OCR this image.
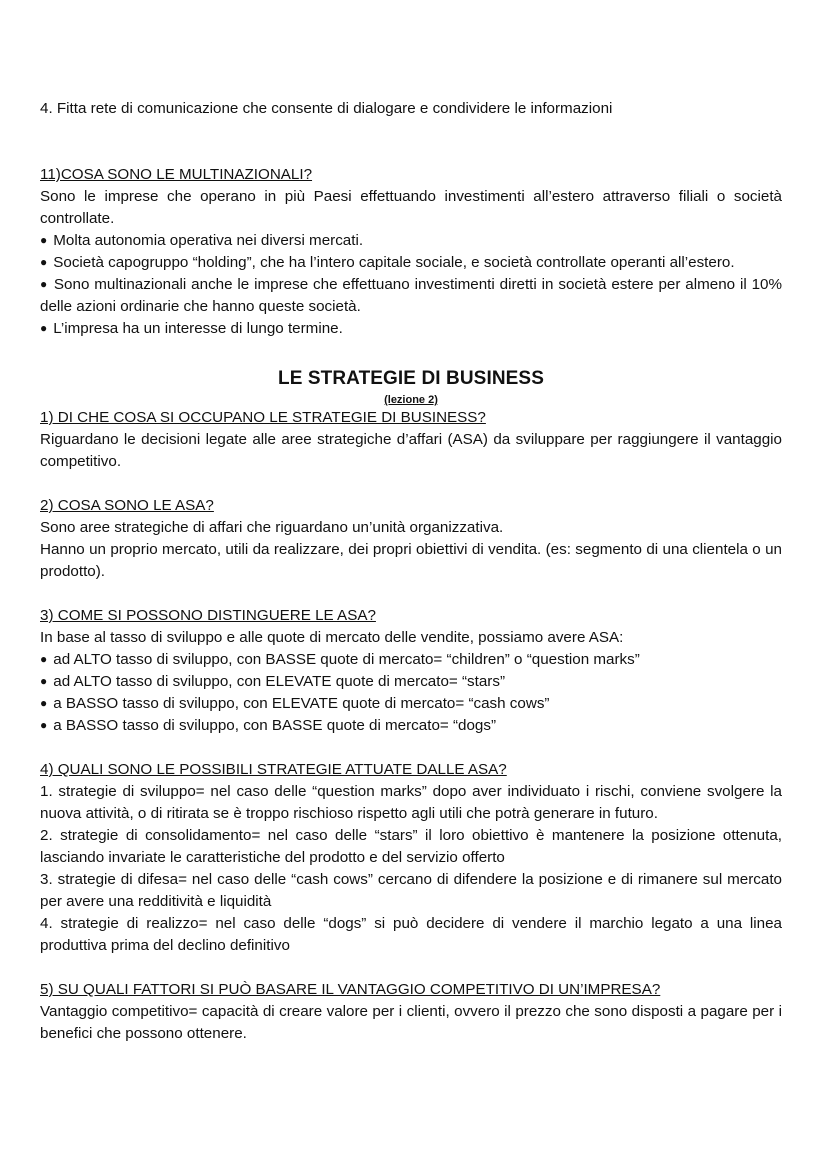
4. Fitta rete di comunicazione che consente di dialogare e condividere le informazioni

11)COSA SONO LE MULTINAZIONALI?

Sono le imprese che operano in più Paesi effettuando investimenti all’estero attraverso filiali o società controllate.

● Molta autonomia operativa nei diversi mercati.

● Società capogruppo “holding”, che ha l’intero capitale sociale, e società controllate operanti all’estero.

● Sono multinazionali anche le imprese che effettuano investimenti diretti in società estere per almeno il 10% delle azioni ordinarie che hanno queste società.

● L’impresa ha un interesse di lungo termine.

LE STRATEGIE DI BUSINESS

(lezione 2)

1) DI CHE COSA SI OCCUPANO LE STRATEGIE DI BUSINESS?

Riguardano le decisioni legate alle aree strategiche d’affari (ASA) da sviluppare per raggiungere il vantaggio competitivo.

2) COSA SONO LE ASA?

Sono aree strategiche di affari che riguardano un’unità organizzativa.

Hanno un proprio mercato, utili da realizzare, dei propri obiettivi di vendita. (es: segmento di una clientela o un prodotto).

3) COME SI POSSONO DISTINGUERE LE ASA?

In base al tasso di sviluppo e alle quote di mercato delle vendite, possiamo avere ASA:

● ad ALTO tasso di sviluppo, con BASSE quote di mercato= “children” o “question marks”

● ad ALTO tasso di sviluppo, con ELEVATE quote di mercato= “stars”

● a BASSO tasso di sviluppo, con ELEVATE quote di mercato= “cash cows”

● a BASSO tasso di sviluppo, con BASSE quote di mercato= “dogs”

4) QUALI SONO LE POSSIBILI STRATEGIE ATTUATE DALLE ASA?

1. strategie di sviluppo= nel caso delle “question marks” dopo aver individuato i rischi, conviene svolgere la nuova attività, o di ritirata se è troppo rischioso rispetto agli utili che potrà generare in futuro.

2. strategie di consolidamento= nel caso delle “stars” il loro obiettivo è mantenere la posizione ottenuta, lasciando invariate le caratteristiche del prodotto e del servizio offerto

3. strategie di difesa= nel caso delle “cash cows” cercano di difendere la posizione e di rimanere sul mercato per avere una redditività e liquidità

4. strategie di realizzo= nel caso delle “dogs” si può decidere di vendere il marchio legato a una linea produttiva prima del declino definitivo

5) SU QUALI FATTORI SI PUÒ BASARE IL VANTAGGIO COMPETITIVO DI UN’IMPRESA?

Vantaggio competitivo= capacità di creare valore per i clienti, ovvero il prezzo che sono disposti a pagare per i benefici che possono ottenere.
